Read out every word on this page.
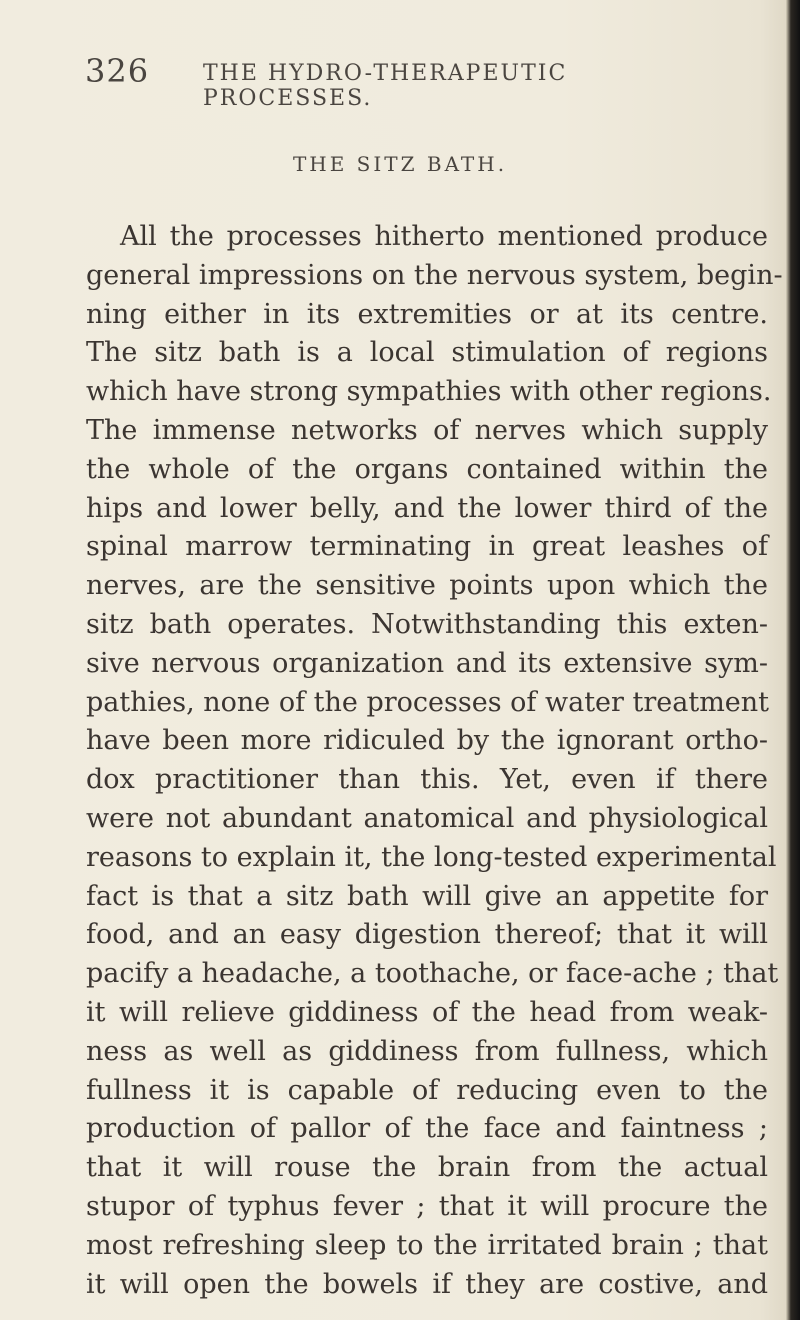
326 THE HYDRO-THERAPEUTIC PROCESSES.
THE SITZ BATH.
All the processes hitherto mentioned produce
general impressions on the nervous system, begin-
ning either in its extremities or at its centre.
The sitz bath is a local stimulation of regions
which have strong sympathies with other regions.
The immense networks of nerves which supply
the whole of the organs contained within the
hips and lower belly, and the lower third of the
spinal marrow terminating in great leashes of
nerves, are the sensitive points upon which the
sitz bath operates. Notwithstanding this exten-
sive nervous organization and its extensive sym-
pathies, none of the processes of water treatment
have been more ridiculed by the ignorant ortho-
dox practitioner than this. Yet, even if there
were not abundant anatomical and physiological
reasons to explain it, the long-tested experimental
fact is that a sitz bath will give an appetite for
food, and an easy digestion thereof; that it will
pacify a headache, a toothache, or face-ache ; that
it will relieve giddiness of the head from weak-
ness as well as giddiness from fullness, which
fullness it is capable of reducing even to the
production of pallor of the face and faintness ;
that it will rouse the brain from the actual
stupor of typhus fever ; that it will procure the
most refreshing sleep to the irritated brain ; that
it will open the bowels if they are costive, and
